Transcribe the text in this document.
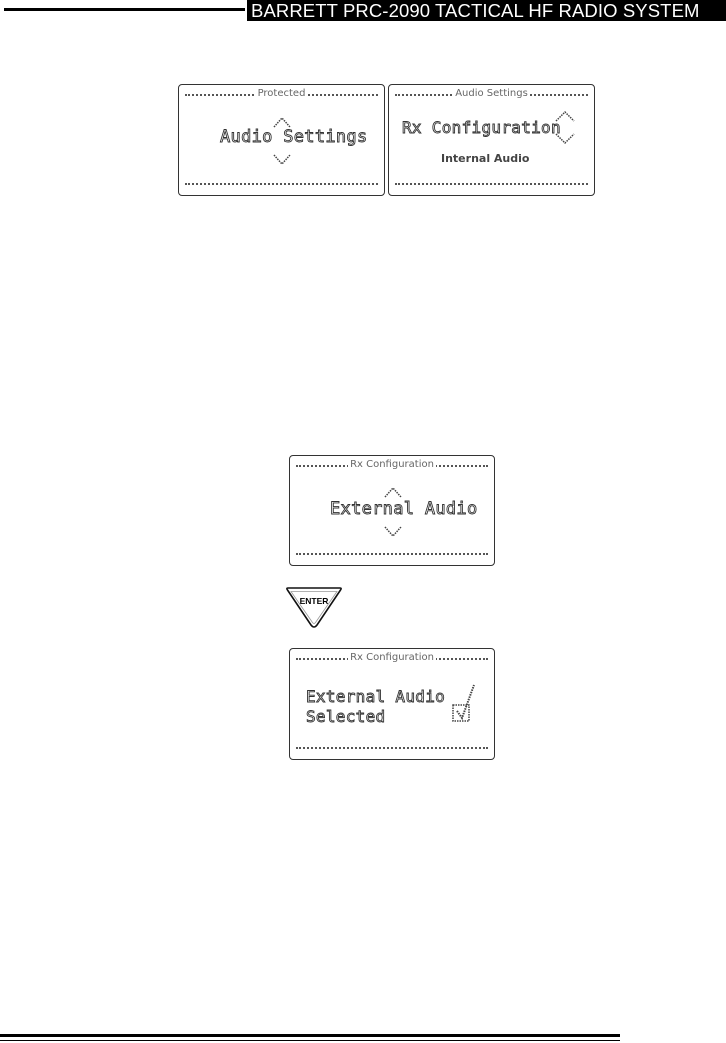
BARRETT PRC-2090 TACTICAL HF RADIO SYSTEM
Protected
Audio Settings
Audio Settings
Rx Configuration
Internal Audio
Rx Configuration
External Audio
ENTER
Rx Configuration
External Audio
Selected
